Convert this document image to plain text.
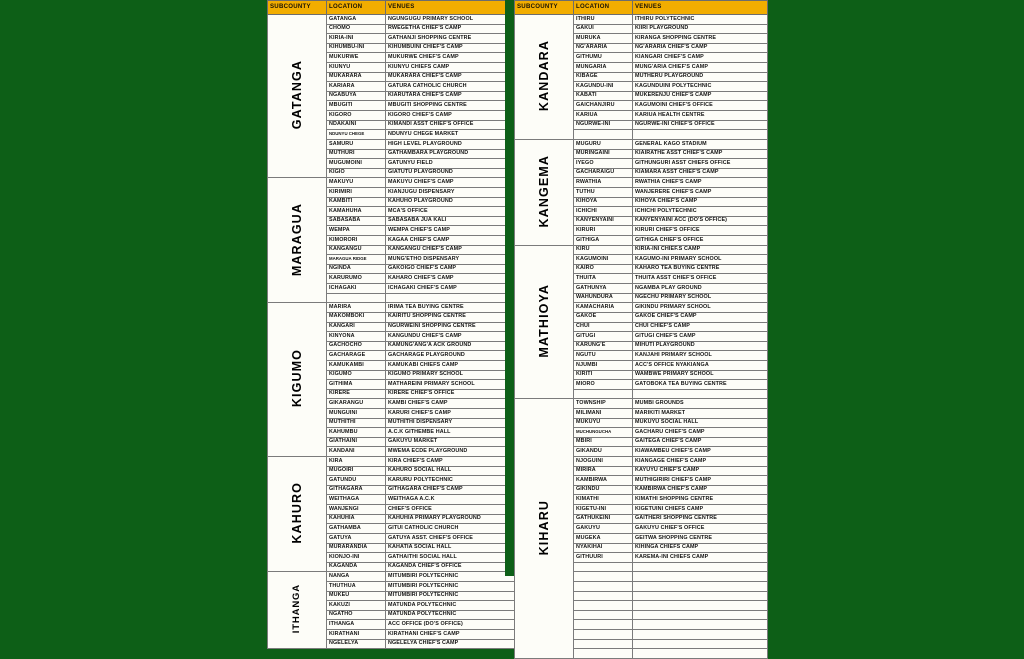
SUBCOUNTY	LOCATION	VENUES
GATANGA	GATANGA	NGUNGUGU PRIMARY SCHOOL
	CHOMO	RWEGETHA CHIEF'S CAMP
	KIRIA-INI	GATHANJI SHOPPING CENTRE
	KIHUMBU-INI	KIHUMBUINI CHIEF'S CAMP
	MUKURWE	MUKURWE CHIEF'S CAMP
	KIUNYU	KIUNYU CHIEFS CAMP
	MUKARARA	MUKARARA CHIEF'S CAMP
	KARIARA	GATURA CATHOLIC CHURCH
	NGABUYA	KIARUTARA CHIEF'S CAMP
	MBUGITI	MBUGITI SHOPPING CENTRE
	KIGORO	KIGORO CHIEF'S CAMP
	NDAKAINI	KIMANDI ASST CHIEF'S OFFICE
	NDUNYU CHEGE	NDUNYU CHEGE MARKET
	SAMURU	HIGH LEVEL PLAYGROUND
	MUTHURI	GATHAMBARA PLAYGROUND
	MUGUMOINI	GATUNYU FIELD
	KIGIO	GIATUTU PLAYGROUND
MARAGUA	MAKUYU	MAKUYU CHIEF'S CAMP
	KIRIMIRI	KIANJUGU DISPENSARY
	KAMBITI	KAHUHO PLAYGROUND
	KAMAHUHA	MCA'S OFFICE
	SABASABA	SABASABA JUA KALI
	WEMPA	WEMPA CHIEF'S CAMP
	KIMORORI	KAGAA CHIEF'S CAMP
	KANGANGU	KANGANGU CHIEF'S CAMP
	MARAGUA RIDGE	MUNG'ETHO DISPENSARY
	NGINDA	GAKOIGO CHIEF'S CAMP
	KARURUMO	KAHARO CHIEF'S CAMP
	ICHAGAKI	ICHAGAKI CHIEF'S CAMP

KIGUMO	MARIRA	IRIMA TEA BUYING CENTRE
	MAKOMBOKI	KAIRITU SHOPPING CENTRE
	KANGARI	NGURWEINI SHOPPING CENTRE
	KINYONA	KANGUNDU CHIEF'S CAMP
	GACHOCHO	KAMUNG'ANG'A ACK GROUND
	GACHARAGE	GACHARAGE PLAYGROUND
	KAMUKAMBI	KAMUKABI CHIEFS CAMP
	KIGUMO	KIGUMO PRIMARY SCHOOL
	GITHIMA	MATHAREINI PRIMARY SCHOOL
	KIRERE	KIRERE CHIEF'S OFFICE
	GIKARANGU	KAMBI CHIEF'S CAMP
	MUNGUINI	KARURI CHIEF'S CAMP
	MUTHITHI	MUTHITHI DISPENSARY
	KAHUMBU	A.C.K GITHEMBE HALL
	GIATHAINI	GAKUYU MARKET
	KANDANI	MWEMA ECDE PLAYGROUND
KAHURO	KIRA	KIRA CHIEF'S CAMP
	MUGOIRI	KAHURO SOCIAL HALL
	GATUNDU	KARURU POLYTECHNIC
	GITHAGARA	GITHAGARA CHIEF'S CAMP
	WEITHAGA	WEITHAGA A.C.K
	WANJENGI	CHIEF'S OFFICE
	KAHUHIA	KAHUHIA PRIMARY PLAYGROUND
	GATHAMBA	GITUI CATHOLIC CHURCH
	GATUYA	GATUYA ASST. CHIEF'S OFFICE
	MURARANDIA	KAHATIA SOCIAL HALL
	KIONJO-INI	GATHAITHI SOCIAL HALL
	KAGANDA	KAGANDA CHIEF'S OFFICE
ITHANGA	NANGA	MITUMBIRI POLYTECHNIC
	THUTHUA	MITUMBIRI POLYTECHNIC
	MUKEU	MITUMBIRI POLYTECHNIC
	KAKUZI	MATUNDA POLYTECHNIC
	NGATHO	MATUNDA POLYTECHNIC
	ITHANGA	ACC OFFICE (DO'S OFFICE)
	KIRATHANI	KIRATHANI CHIEF'S CAMP
	NGELELYA	NGELELYA CHIEF'S CAMP
SUBCOUNTY	LOCATION	VENUES
KANDARA	ITHIRU	ITHIRU POLYTECHNIC
	GAKUI	KIIRI PLAYGROUND
	MURUKA	KIRANGA SHOPPING CENTRE
	NG'ARARIA	NG'ARARIA CHIEF'S CAMP
	GITHUMU	KIANGARI CHIEF'S CAMP
	MUNGARIA	MUNG'ARIA CHIEF'S CAMP
	KIBAGE	MUTHERU PLAYGROUND
	KAGUNDU-INI	KAGUNDUINI POLYTECHNIC
	KABATI	MUKERENJU CHIEF'S CAMP
	GAICHANJIRU	KAGUMOINI CHIEF'S OFFICE
	KARIUA	KARIUA HEALTH CENTRE
	NGURWE-INI	NGURWE-INI CHIEF'S OFFICE

KANGEMA	MUGURU	GENERAL KAGO STADIUM
	MURINGAINI	KIAIRATHE ASST CHIEF'S CAMP
	IYEGO	GITHUNGURI ASST CHIEFS OFFICE
	GACHARAIGU	KIAMARA ASST CHIEF'S CAMP
	RWATHIA	RWATHIA CHIEF'S CAMP
	TUTHU	WANJERERE CHIEF'S CAMP
	KIHOYA	KIHOYA CHIEF'S CAMP
	ICHICHI	ICHICHI POLYTECHNIC
	KANYENYAINI	KANYENYAINI ACC (DO'S OFFICE)
	KIRURI	KIRURI CHIEF'S OFFICE
	GITHIGA	GITHIGA CHIEF'S OFFICE
MATHIOYA	KIRU	KIRIA-INI CHIEF.S CAMP
	KAGUMOINI	KAGUMO-INI PRIMARY SCHOOL
	KAIRO	KAHARO TEA BUYING CENTRE
	THUITA	THUITA ASST CHIEF'S OFFICE
	GATHUNYA	NGAMBA PLAY GROUND
	WAHUNDURA	NGECHU PRIMARY SCHOOL
	KAMACHARIA	GIKINDU PRIMARY SCHOOL
	GAKOE	GAKOE CHIEF'S CAMP
	CHUI	CHUI CHIEF'S CAMP
	GITUGI	GITUGI CHIEF'S CAMP
	KARUNG'E	MIHUTI PLAYGROUND
	NGUTU	KANJAHI PRIMARY SCHOOL
	NJUMBI	ACC'S OFFICE NYAKIANGA
	KIRITI	WAMBWE PRIMARY SCHOOL
	MIORO	GATOBOKA TEA BUYING CENTRE

KIHARU	TOWNSHIP	MUMBI GROUNDS
	MILIMANI	MARIKITI MARKET
	MUKUYU	MUKUYU SOCIAL HALL
	MUCHUNGUCHA	GACHARU CHIEF'S CAMP
	MBIRI	GAITEGA CHIEF'S CAMP
	GIKANDU	KIAWAMBEU CHIEF'S CAMP
	NJOGUINI	KIANGAGE CHIEF'S CAMP
	MIRIRA	KAYUYU CHIEF'S CAMP
	KAMBIRWA	MUTHIGIRIRI CHIEF'S CAMP
	GIKINDU	KAMBIRWA CHIEF'S CAMP
	KIMATHI	KIMATHI SHOPPING CENTRE
	KIGETU-INI	KIGETUINI CHIEFS CAMP
	GATHUKEINI	GAITHERI SHOPPING CENTRE
	GAKUYU	GAKUYU CHIEF'S OFFICE
	MUGEKA	GEITWA SHOPPING CENTRE
	NYAKIHAI	KIHINGA CHIEFS CAMP
	GITHUURI	KAREMA-INI CHIEFS CAMP
